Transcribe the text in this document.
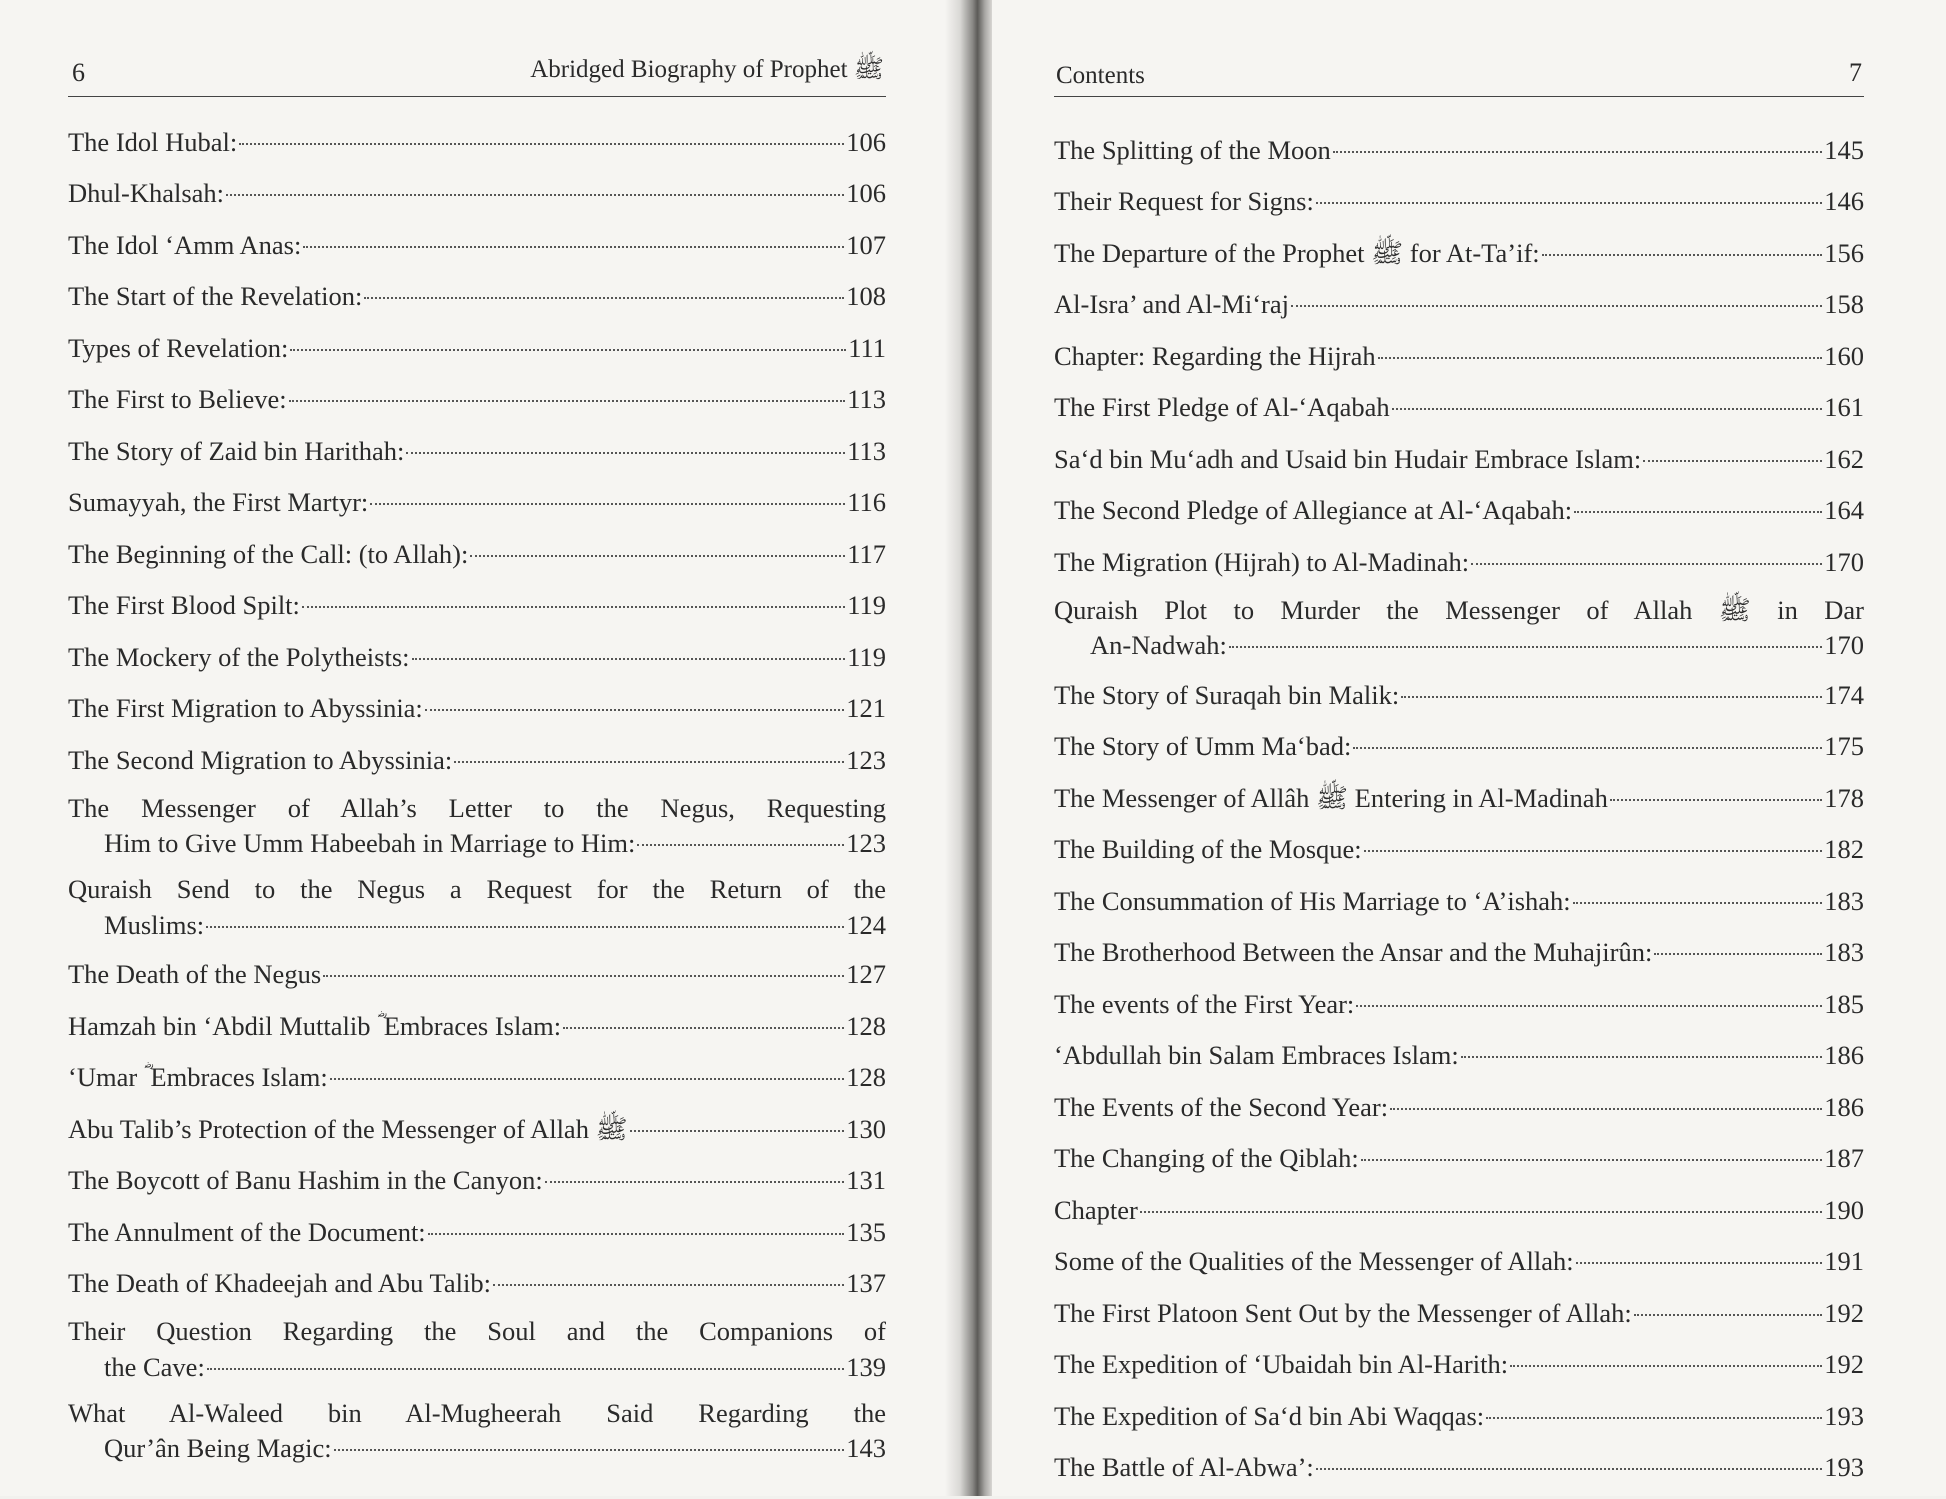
6	Abridged Biography of Prophet ﷺ
The Idol Hubal:	106
Dhul-Khalsah:	106
The Idol ‘Amm Anas:	107
The Start of the Revelation:	108
Types of Revelation:	111
The First to Believe:	113
The Story of Zaid bin Harithah:	113
Sumayyah, the First Martyr:	116
The Beginning of the Call: (to Allah):	117
The First Blood Spilt:	119
The Mockery of the Polytheists:	119
The First Migration to Abyssinia:	121
The Second Migration to Abyssinia:	123
The Messenger of Allah’s Letter to the Negus, Requesting
Him to Give Umm Habeebah in Marriage to Him:	123
Quraish Send to the Negus a Request for the Return of the
Muslims:	124
The Death of the Negus	127
Hamzah bin ‘Abdil Muttalib ؓ Embraces Islam:	128
‘Umar ؓ Embraces Islam:	128
Abu Talib’s Protection of the Messenger of Allah ﷺ	130
The Boycott of Banu Hashim in the Canyon:	131
The Annulment of the Document:	135
The Death of Khadeejah and Abu Talib:	137
Their Question Regarding the Soul and the Companions of
the Cave:	139
What Al-Waleed bin Al-Mugheerah Said Regarding the
Qur’ân Being Magic:	143
Contents	7
The Splitting of the Moon	145
Their Request for Signs:	146
The Departure of the Prophet ﷺ for At-Ta’if:	156
Al-Isra’ and Al-Mi‘raj	158
Chapter: Regarding the Hijrah	160
The First Pledge of Al-‘Aqabah	161
Sa‘d bin Mu‘adh and Usaid bin Hudair Embrace Islam:	162
The Second Pledge of Allegiance at Al-‘Aqabah:	164
The Migration (Hijrah) to Al-Madinah:	170
Quraish Plot to Murder the Messenger of Allah ﷺ in Dar
An-Nadwah:	170
The Story of Suraqah bin Malik:	174
The Story of Umm Ma‘bad:	175
The Messenger of Allâh ﷺ Entering in Al-Madinah	178
The Building of the Mosque:	182
The Consummation of His Marriage to ‘A’ishah:	183
The Brotherhood Between the Ansar and the Muhajirûn:	183
The events of the First Year:	185
‘Abdullah bin Salam Embraces Islam:	186
The Events of the Second Year:	186
The Changing of the Qiblah:	187
Chapter	190
Some of the Qualities of the Messenger of Allah:	191
The First Platoon Sent Out by the Messenger of Allah:	192
The Expedition of ‘Ubaidah bin Al-Harith:	192
The Expedition of Sa‘d bin Abi Waqqas:	193
The Battle of Al-Abwa’:	193
